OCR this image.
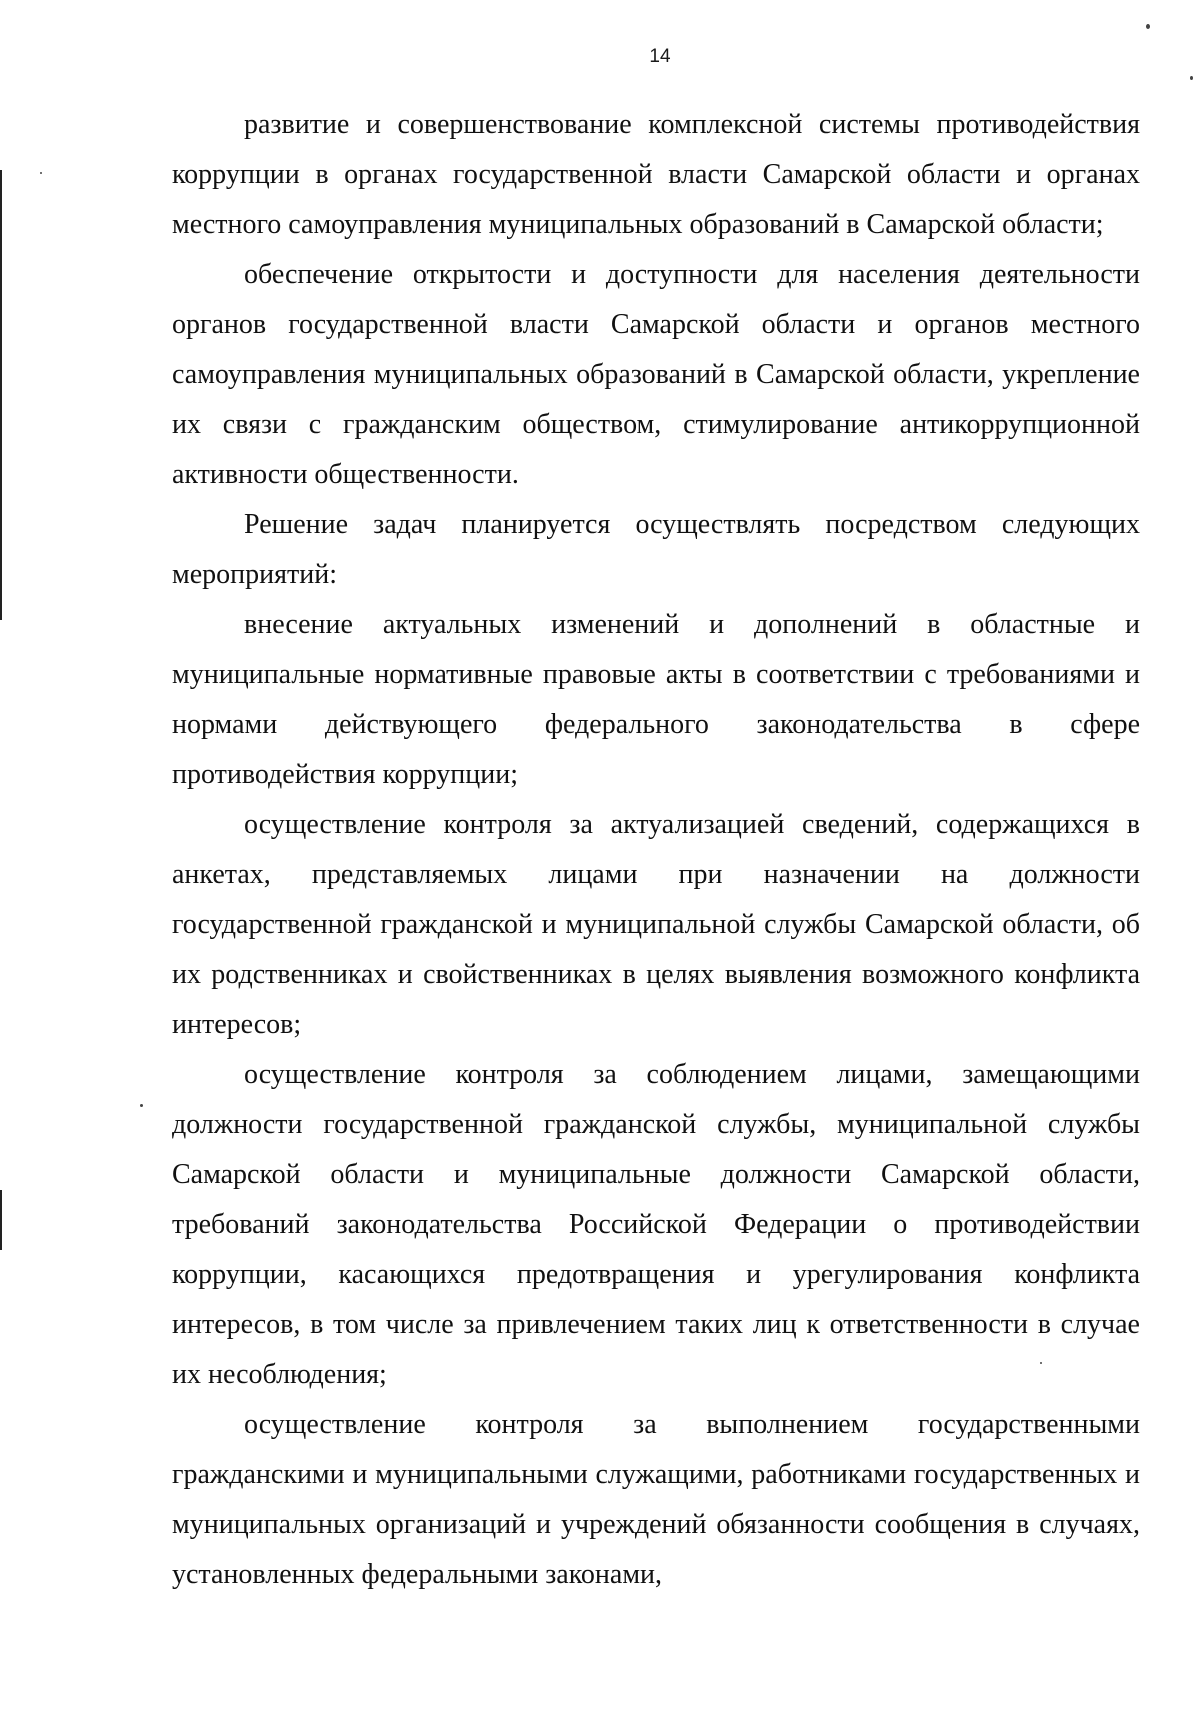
14

развитие и совершенствование комплексной системы противодействия коррупции в органах государственной власти Самарской области и органах местного самоуправления муниципальных образований в Самарской области;

обеспечение открытости и доступности для населения деятельности органов государственной власти Самарской области и органов местного самоуправления муниципальных образований в Самарской области, укрепление их связи с гражданским обществом, стимулирование антикоррупционной активности общественности.

Решение задач планируется осуществлять посредством следующих мероприятий:

внесение актуальных изменений и дополнений в областные и муниципальные нормативные правовые акты в соответствии с требованиями и нормами действующего федерального законодательства в сфере противодействия коррупции;

осуществление контроля за актуализацией сведений, содержащихся в анкетах, представляемых лицами при назначении на должности государственной гражданской и муниципальной службы Самарской области, об их родственниках и свойственниках в целях выявления возможного конфликта интересов;

осуществление контроля за соблюдением лицами, замещающими должности государственной гражданской службы, муниципальной службы Самарской области и муниципальные должности Самарской области, требований законодательства Российской Федерации о противодействии коррупции, касающихся предотвращения и урегулирования конфликта интересов, в том числе за привлечением таких лиц к ответственности в случае их несоблюдения;

осуществление контроля за выполнением государственными гражданскими и муниципальными служащими, работниками государственных и муниципальных организаций и учреждений обязанности сообщения в случаях, установленных федеральными законами,
